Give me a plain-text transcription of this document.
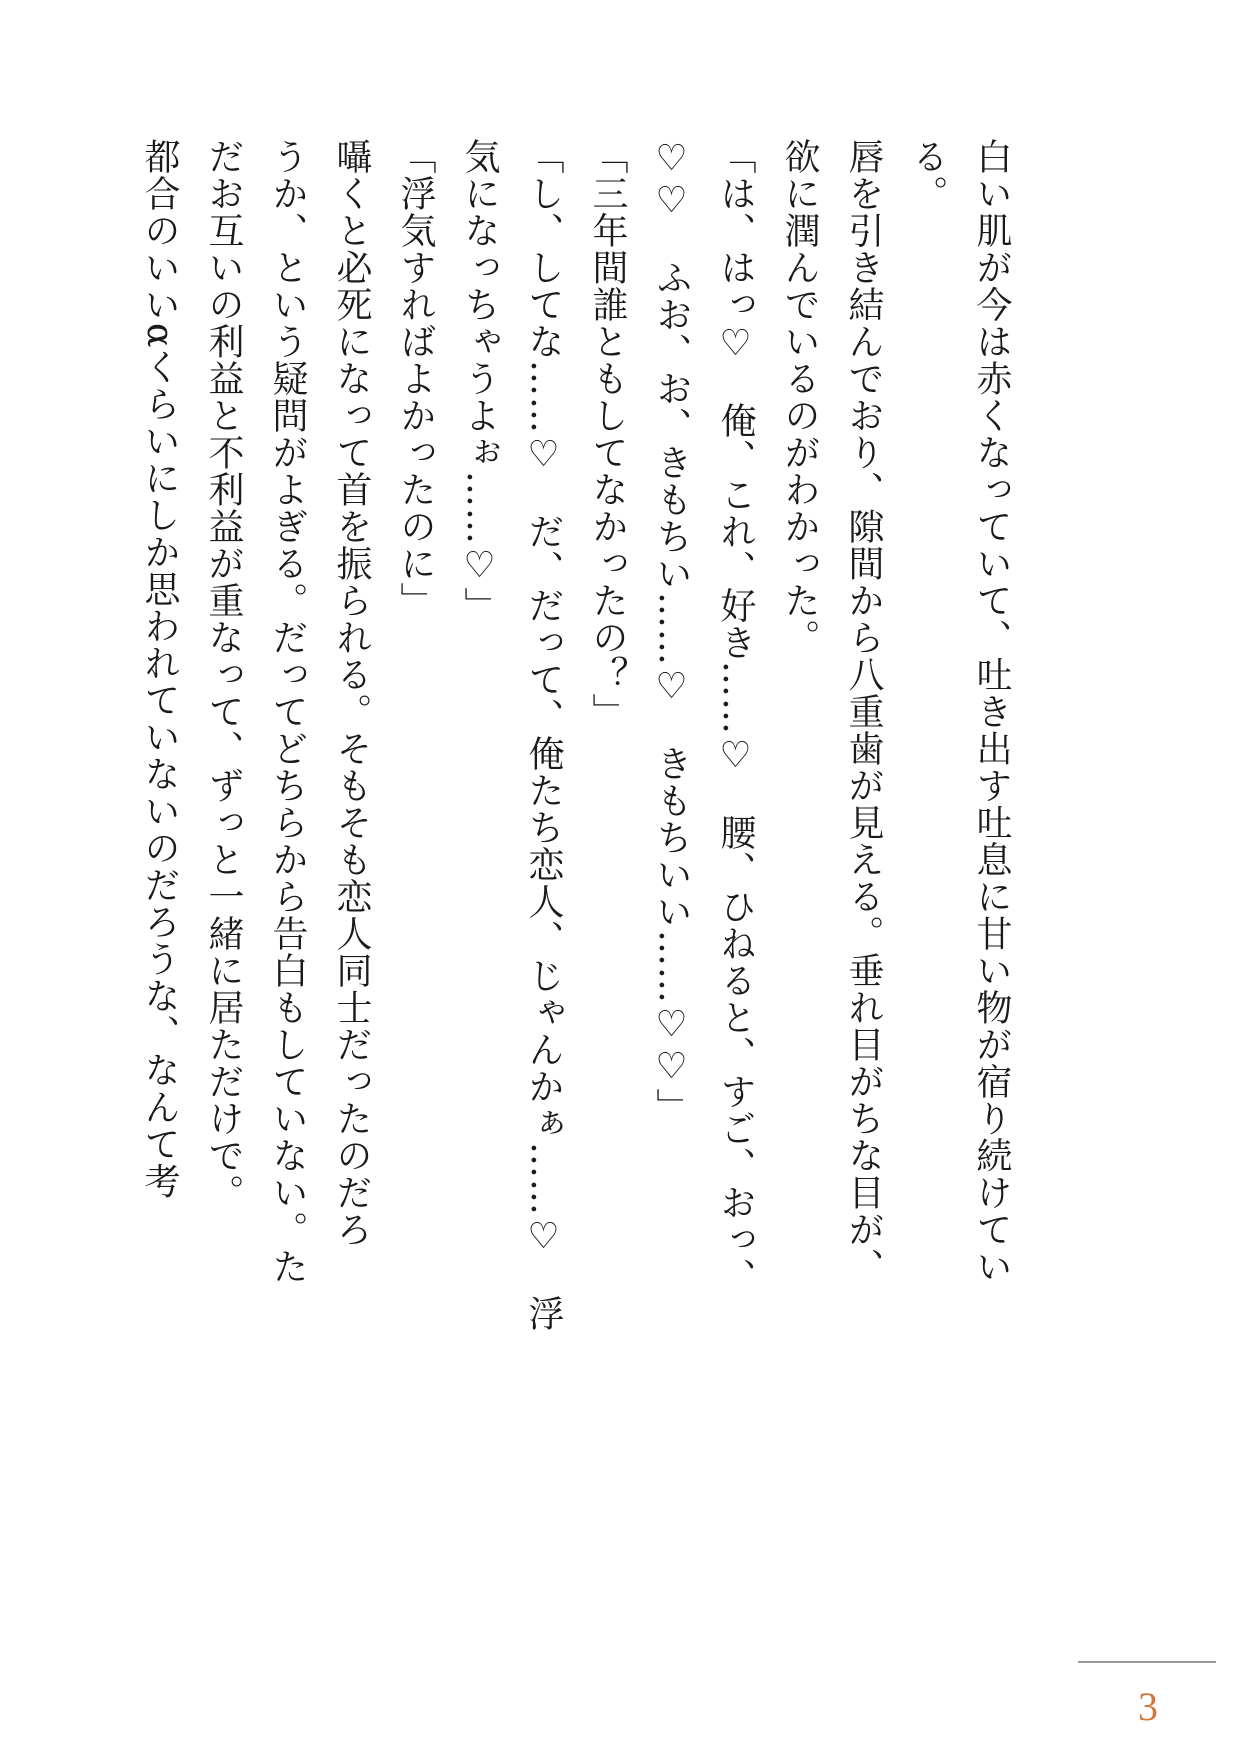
白い肌が今は赤くなっていて、吐き出す吐息に甘い物が宿り続けてい
る。
唇を引き結んでおり、隙間から八重歯が見える。垂れ目がちな目が、
欲に潤んでいるのがわかった。
「は、はっ♡　俺、これ、好き……♡　腰、ひねると、すご、おっ、
♡♡　ふお、お、きもちい……♡　きもちいい……♡♡」
「三年間誰ともしてなかったの？」
「し、してな……♡　だ、だって、俺たち恋人、じゃんかぁ……♡　浮
気になっちゃうよぉ……♡」
「浮気すればよかったのに」
囁くと必死になって首を振られる。そもそも恋人同士だったのだろ
うか、という疑問がよぎる。だってどちらから告白もしていない。た
だお互いの利益と不利益が重なって、ずっと一緒に居ただけで。
都合のいいαくらいにしか思われていないのだろうな、なんて考
3
